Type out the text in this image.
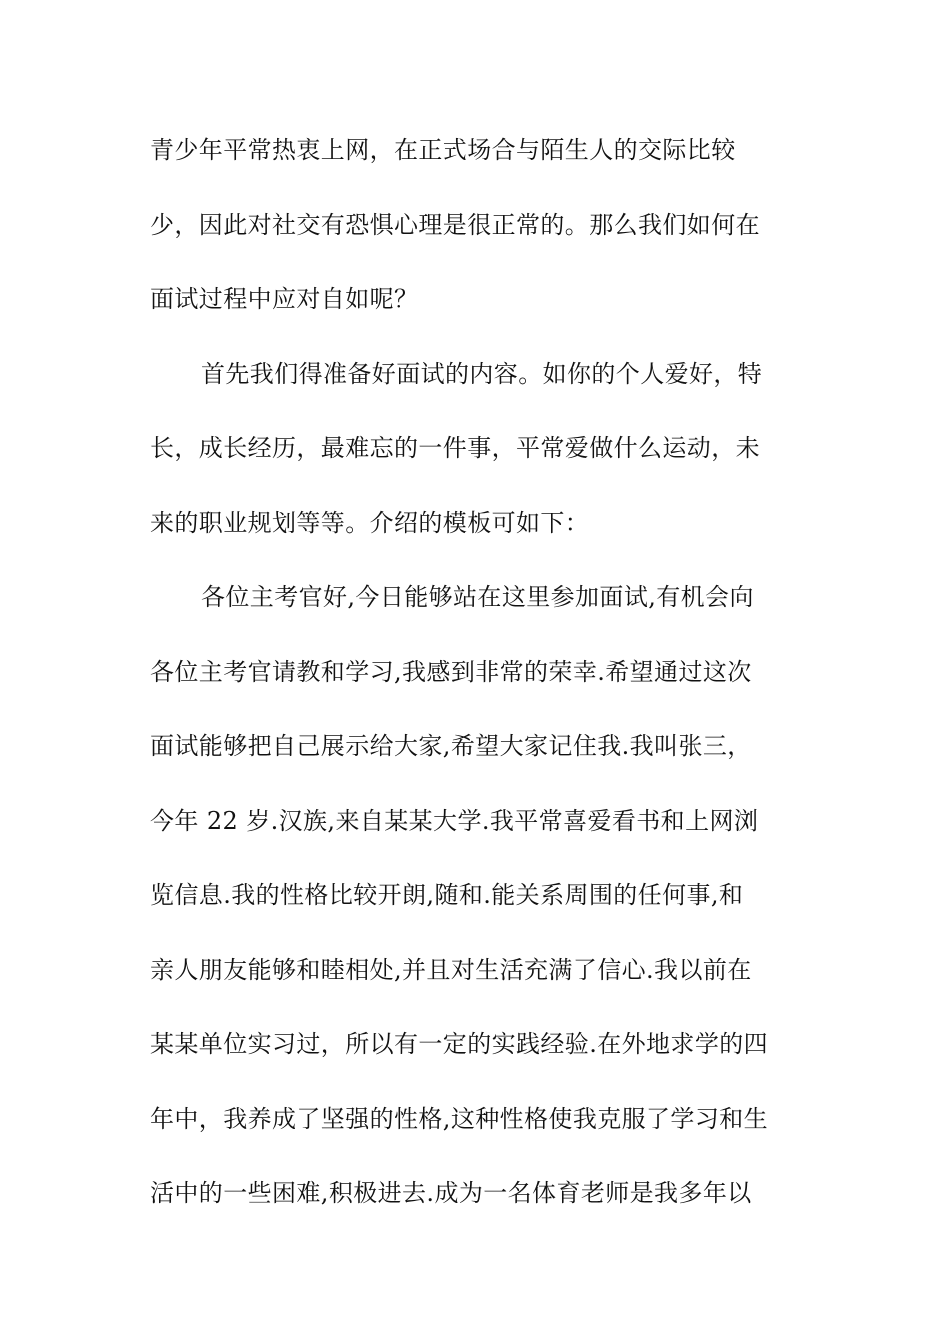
青少年平常热衷上网，在正式场合与陌生人的交际比较
少，因此对社交有恐惧心理是很正常的。那么我们如何在
面试过程中应对自如呢？
首先我们得准备好面试的内容。如你的个人爱好，特
长，成长经历，最难忘的一件事，平常爱做什么运动，未
来的职业规划等等。介绍的模板可如下：
各位主考官好,今日能够站在这里参加面试,有机会向
各位主考官请教和学习,我感到非常的荣幸.希望通过这次
面试能够把自己展示给大家,希望大家记住我.我叫张三，
今年 22 岁.汉族,来自某某大学.我平常喜爱看书和上网浏
览信息.我的性格比较开朗,随和.能关系周围的任何事,和
亲人朋友能够和睦相处,并且对生活充满了信心.我以前在
某某单位实习过，所以有一定的实践经验.在外地求学的四
年中，我养成了坚强的性格,这种性格使我克服了学习和生
活中的一些困难,积极进去.成为一名体育老师是我多年以
